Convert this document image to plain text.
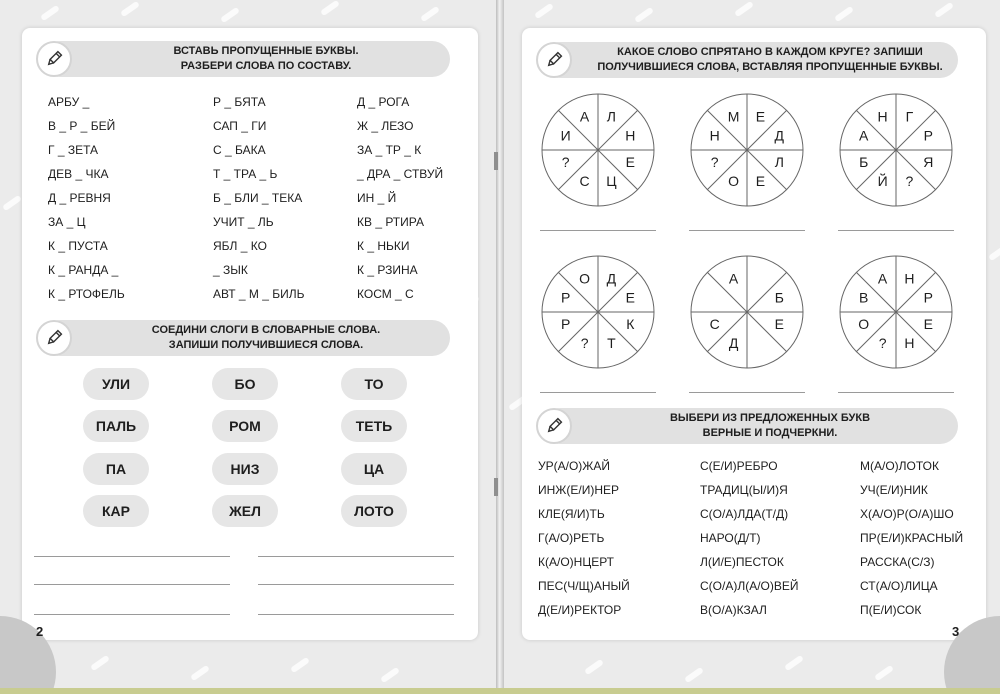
ВСТАВЬ ПРОПУЩЕННЫЕ БУКВЫ.
РАЗБЕРИ СЛОВА ПО СОСТАВУ.
АРБУ _
В _ Р _ БЕЙ
Г _ ЗЕТА
ДЕВ _ ЧКА
Д _ РЕВНЯ
ЗА _ Ц
К _ ПУСТА
К _ РАНДА _
К _ РТОФЕЛЬ
Р _ БЯТА
САП _ ГИ
С _ БАКА
Т _ ТРА _ Ь
Б _ БЛИ _ ТЕКА
УЧИТ _ ЛЬ
ЯБЛ _ КО
_ ЗЫК
АВТ _ М _ БИЛЬ
Д _ РОГА
Ж _ ЛЕЗО
ЗА _ ТР _ К
_ ДРА _ СТВУЙ
ИН _ Й
КВ _ РТИРА
К _ НЬКИ
К _ РЗИНА
КОСМ _ С
СОЕДИНИ СЛОГИ В СЛОВАРНЫЕ СЛОВА.
ЗАПИШИ ПОЛУЧИВШИЕСЯ СЛОВА.
УЛИ
ПАЛЬ
ПА
КАР
БО
РОМ
НИЗ
ЖЕЛ
ТО
ТЕТЬ
ЦА
ЛОТО
2
КАКОЕ СЛОВО СПРЯТАНО В КАЖДОМ КРУГЕ? ЗАПИШИ
ПОЛУЧИВШИЕСЯ СЛОВА, ВСТАВЛЯЯ ПРОПУЩЕННЫЕ БУКВЫ.
Л
Н
Е
Ц
С
?
И
А	Е
Д
Л
Е
О
?
Н
М	Г
Р
Я
?
Й
Б
А
Н
Д
Е
К
Т
?
Р
Р
О
Б
Е
Д
С
А	Н
Р
Е
Н
?
О
В
А
ВЫБЕРИ ИЗ ПРЕДЛОЖЕННЫХ БУКВ
ВЕРНЫЕ И ПОДЧЕРКНИ.
УР(А/О)ЖАЙ
ИНЖ(Е/И)НЕР
КЛЕ(Я/И)ТЬ
Г(А/О)РЕТЬ
К(А/О)НЦЕРТ
ПЕС(Ч/Щ)АНЫЙ
Д(Е/И)РЕКТОР
С(Е/И)РЕБРО
ТРАДИЦ(Ы/И)Я
С(О/А)ЛДА(Т/Д)
НАРО(Д/Т)
Л(И/Е)ПЕСТОК
С(О/А)Л(А/О)ВЕЙ
В(О/А)КЗАЛ
М(А/О)ЛОТОК
УЧ(Е/И)НИК
Х(А/О)Р(О/А)ШО
ПР(Е/И)КРАСНЫЙ
РАССКА(С/З)
СТ(А/О)ЛИЦА
П(Е/И)СОК
3
